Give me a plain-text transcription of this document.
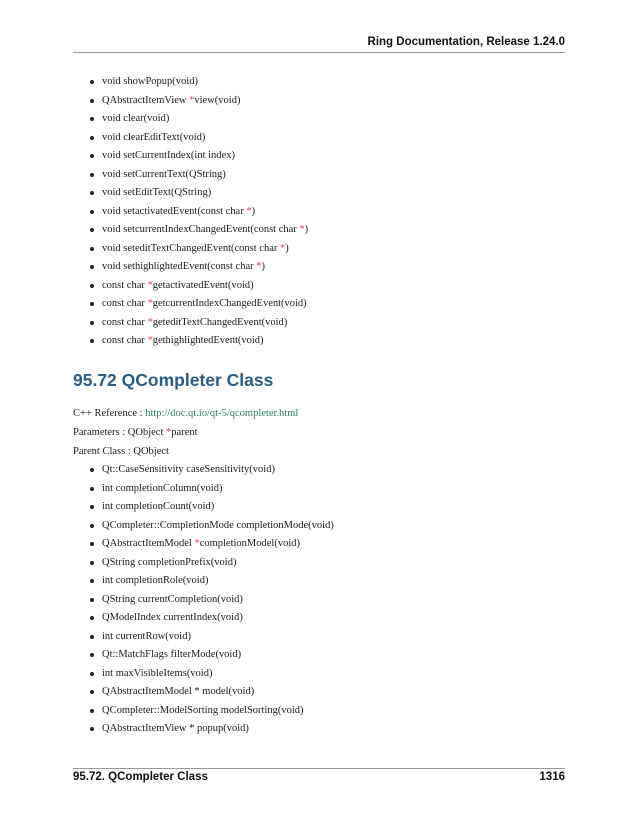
Ring Documentation, Release 1.24.0
void showPopup(void)
QAbstractItemView *view(void)
void clear(void)
void clearEditText(void)
void setCurrentIndex(int index)
void setCurrentText(QString)
void setEditText(QString)
void setactivatedEvent(const char *)
void setcurrentIndexChangedEvent(const char *)
void seteditTextChangedEvent(const char *)
void sethighlightedEvent(const char *)
const char *getactivatedEvent(void)
const char *getcurrentIndexChangedEvent(void)
const char *geteditTextChangedEvent(void)
const char *gethighlightedEvent(void)
95.72 QCompleter Class
C++ Reference : http://doc.qt.io/qt-5/qcompleter.html
Parameters : QObject *parent
Parent Class : QObject
Qt::CaseSensitivity caseSensitivity(void)
int completionColumn(void)
int completionCount(void)
QCompleter::CompletionMode completionMode(void)
QAbstractItemModel *completionModel(void)
QString completionPrefix(void)
int completionRole(void)
QString currentCompletion(void)
QModelIndex currentIndex(void)
int currentRow(void)
Qt::MatchFlags filterMode(void)
int maxVisibleItems(void)
QAbstractItemModel * model(void)
QCompleter::ModelSorting modelSorting(void)
QAbstractItemView * popup(void)
95.72. QCompleter Class	1316
